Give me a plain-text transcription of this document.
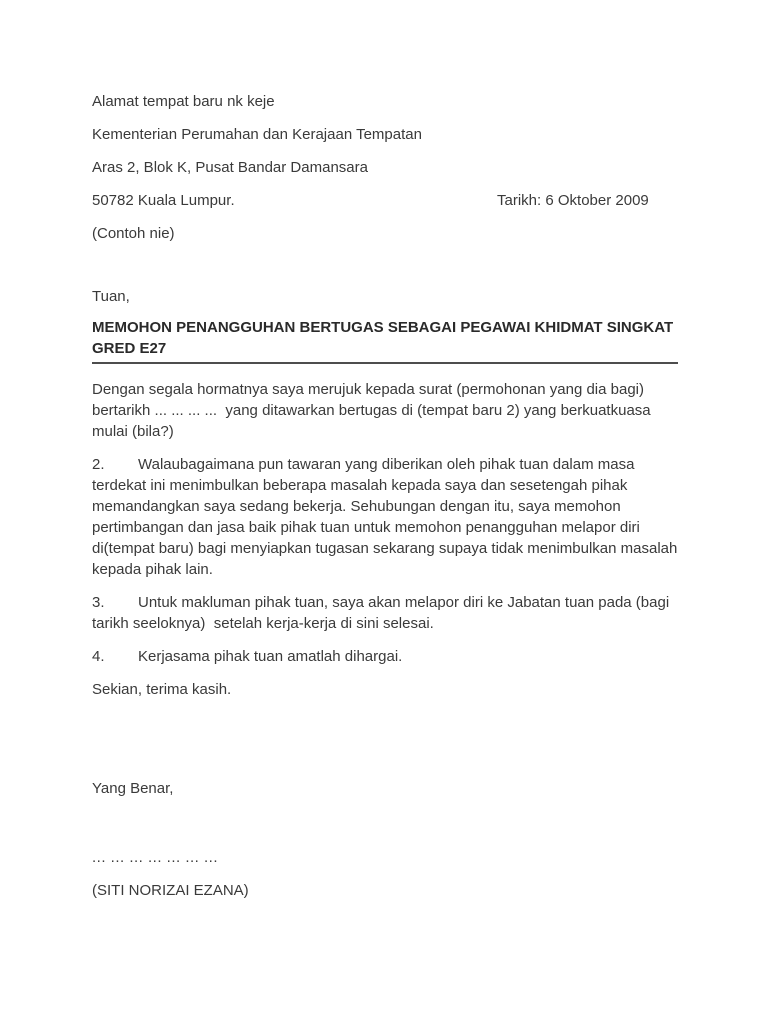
Alamat tempat baru nk keje

Kementerian Perumahan dan Kerajaan Tempatan

Aras 2, Blok K, Pusat Bandar Damansara

50782 Kuala Lumpur.	Tarikh: 6 Oktober 2009

(Contoh nie)

Tuan,

MEMOHON PENANGGUHAN BERTUGAS SEBAGAI PEGAWAI KHIDMAT SINGKAT GRED E27

Dengan segala hormatnya saya merujuk kepada surat (permohonan yang dia bagi) bertarikh ... ... ... ...  yang ditawarkan bertugas di (tempat baru 2) yang berkuatkuasa mulai (bila?)

2. Walaubagaimana pun tawaran yang diberikan oleh pihak tuan dalam masa terdekat ini menimbulkan beberapa masalah kepada saya dan sesetengah pihak memandangkan saya sedang bekerja. Sehubungan dengan itu, saya memohon pertimbangan dan jasa baik pihak tuan untuk memohon penangguhan melapor diri di(tempat baru) bagi menyiapkan tugasan sekarang supaya tidak menimbulkan masalah kepada pihak lain.

3. Untuk makluman pihak tuan, saya akan melapor diri ke Jabatan tuan pada (bagi tarikh seeloknya)  setelah kerja-kerja di sini selesai.

4. Kerjasama pihak tuan amatlah dihargai.

Sekian, terima kasih.

Yang Benar,

... ... ... ... ... ... ...

(SITI NORIZAI EZANA)
